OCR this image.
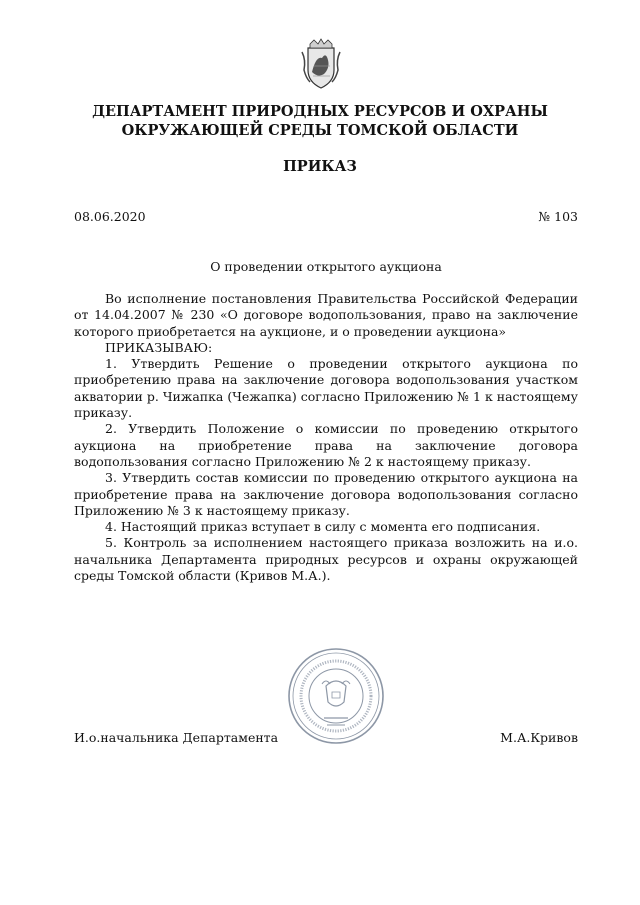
ДЕПАРТАМЕНТ ПРИРОДНЫХ РЕСУРСОВ И ОХРАНЫ
ОКРУЖАЮЩЕЙ СРЕДЫ ТОМСКОЙ ОБЛАСТИ
ПРИКАЗ
08.06.2020	№ 103
О проведении открытого аукциона

Во исполнение постановления Правительства Российской Федерации от 14.04.2007 № 230 «О договоре водопользования, право на заключение которого приобретается на аукционе, и о проведении аукциона»

ПРИКАЗЫВАЮ:

1. Утвердить Решение о проведении открытого аукциона по приобретению права на заключение договора водопользования участком акватории р. Чижапка (Чежапка) согласно Приложению № 1 к настоящему приказу.

2. Утвердить Положение о комиссии по проведению открытого аукциона на приобретение права на заключение договора водопользования согласно Приложению № 2 к настоящему приказу.

3. Утвердить состав комиссии по проведению открытого аукциона на приобретение права на заключение договора водопользования согласно Приложению № 3 к настоящему приказу.

4. Настоящий приказ вступает в силу с момента его подписания.

5. Контроль за исполнением настоящего приказа возложить на и.о. начальника Департамента природных ресурсов и охраны окружающей среды Томской области (Кривов М.А.).

И.о.начальника Департамента	М.А.Кривов
